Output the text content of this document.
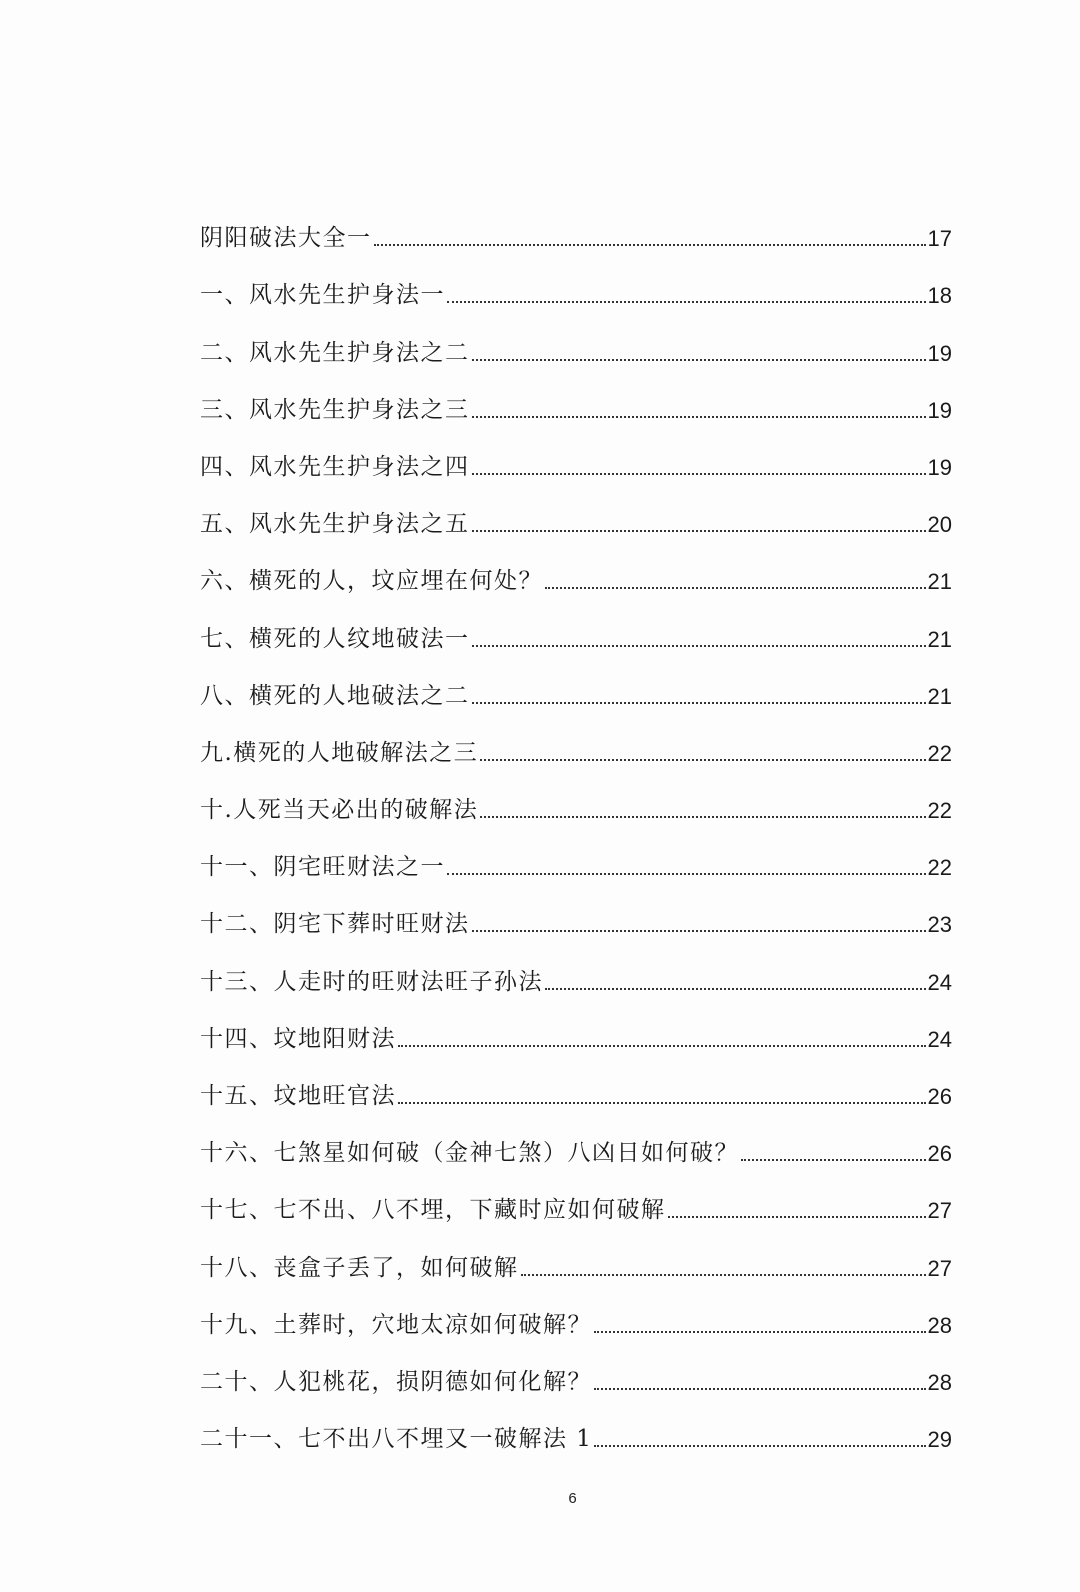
阴阳破法大全一	17
一、风水先生护身法一	18
二、风水先生护身法之二	19
三、风水先生护身法之三	19
四、风水先生护身法之四	19
五、风水先生护身法之五	20
六、横死的人，坟应埋在何处？	21
七、横死的人纹地破法一	21
八、横死的人地破法之二	21
九.横死的人地破解法之三	22
十.人死当天必出的破解法	22
十一、阴宅旺财法之一	22
十二、阴宅下葬时旺财法	23
十三、人走时的旺财法旺子孙法	24
十四、坟地阳财法	24
十五、坟地旺官法	26
十六、七煞星如何破（金神七煞）八凶日如何破？	26
十七、七不出、八不埋，下藏时应如何破解	27
十八、丧盒子丢了，如何破解	27
十九、土葬时，穴地太凉如何破解？	28
二十、人犯桃花，损阴德如何化解？	28
二十一、七不出八不埋又一破解法 1	29
6
